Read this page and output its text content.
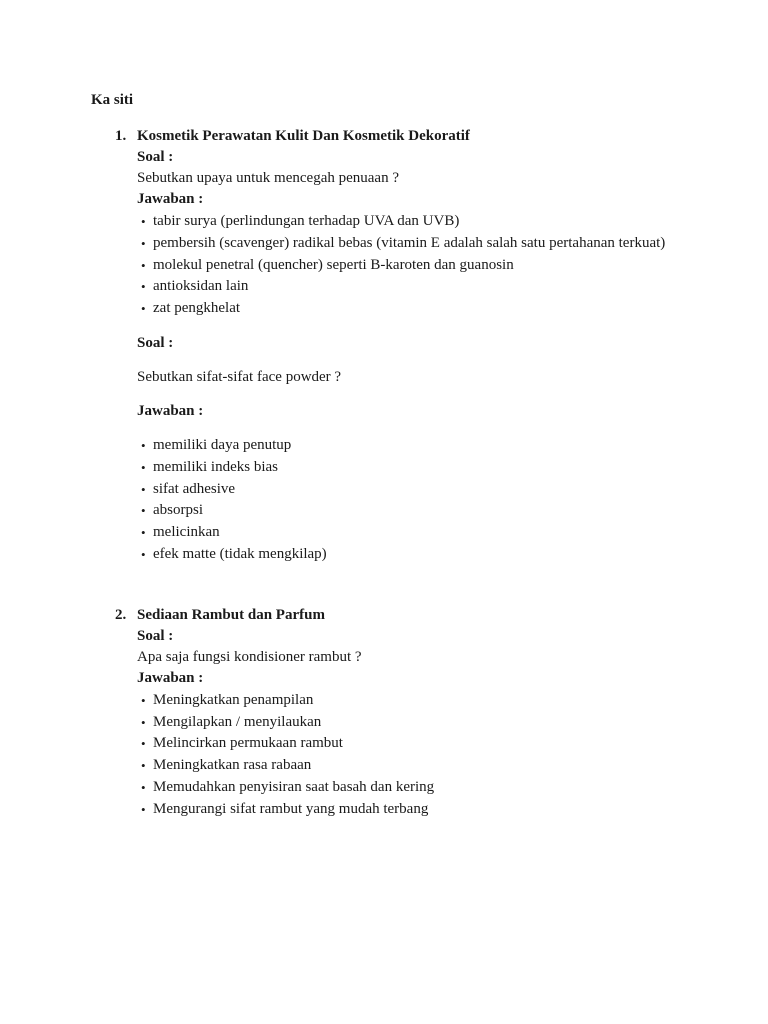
Ka siti
1. Kosmetik Perawatan Kulit Dan Kosmetik Dekoratif
Soal :
Sebutkan upaya untuk mencegah penuaan ?
Jawaban :
• tabir surya (perlindungan terhadap UVA dan UVB)
• pembersih (scavenger) radikal bebas (vitamin E adalah salah satu pertahanan terkuat)
• molekul penetral (quencher) seperti B-karoten dan guanosin
• antioksidan lain
• zat pengkhelat
Soal :
Sebutkan sifat-sifat face powder ?
Jawaban :
• memiliki daya penutup
• memiliki indeks bias
• sifat adhesive
• absorpsi
• melicinkan
• efek matte (tidak mengkilap)
2. Sediaan Rambut dan Parfum
Soal :
Apa saja fungsi kondisioner rambut ?
Jawaban :
• Meningkatkan penampilan
• Mengilapkan / menyilaukan
• Melincirkan permukaan rambut
• Meningkatkan rasa rabaan
• Memudahkan penyisiran saat basah dan kering
• Mengurangi sifat rambut yang mudah terbang
